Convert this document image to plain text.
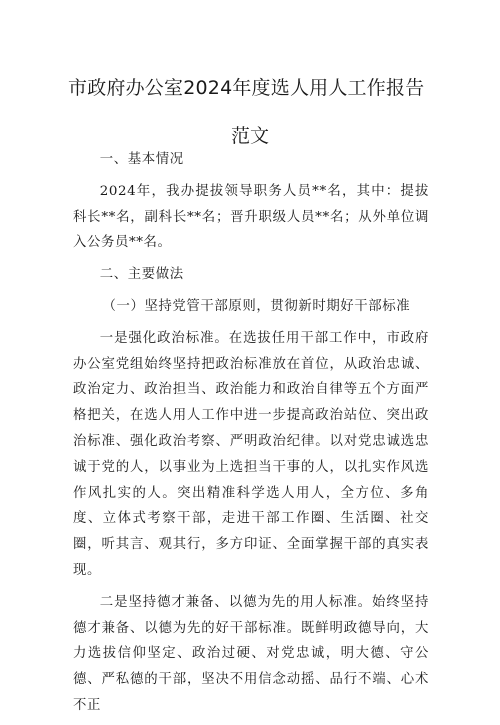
市政府办公室2024年度选人用人工作报告
范文

一、基本情况

2024年，我办提拔领导职务人员**名，其中：提拔科长**名，副科长**名；晋升职级人员**名；从外单位调入公务员**名。

二、主要做法

（一）坚持党管干部原则，贯彻新时期好干部标准

一是强化政治标准。在选拔任用干部工作中，市政府办公室党组始终坚持把政治标准放在首位，从政治忠诚、政治定力、政治担当、政治能力和政治自律等五个方面严格把关，在选人用人工作中进一步提高政治站位、突出政治标准、强化政治考察、严明政治纪律。以对党忠诚选忠诚于党的人，以事业为上选担当干事的人，以扎实作风选作风扎实的人。突出精准科学选人用人，全方位、多角度、立体式考察干部，走进干部工作圈、生活圈、社交圈，听其言、观其行，多方印证、全面掌握干部的真实表现。

二是坚持德才兼备、以德为先的用人标准。始终坚持德才兼备、以德为先的好干部标准。既鲜明政德导向，大力选拔信仰坚定、政治过硬、对党忠诚，明大德、守公德、严私德的干部，坚决不用信念动摇、品行不端、心术不正
